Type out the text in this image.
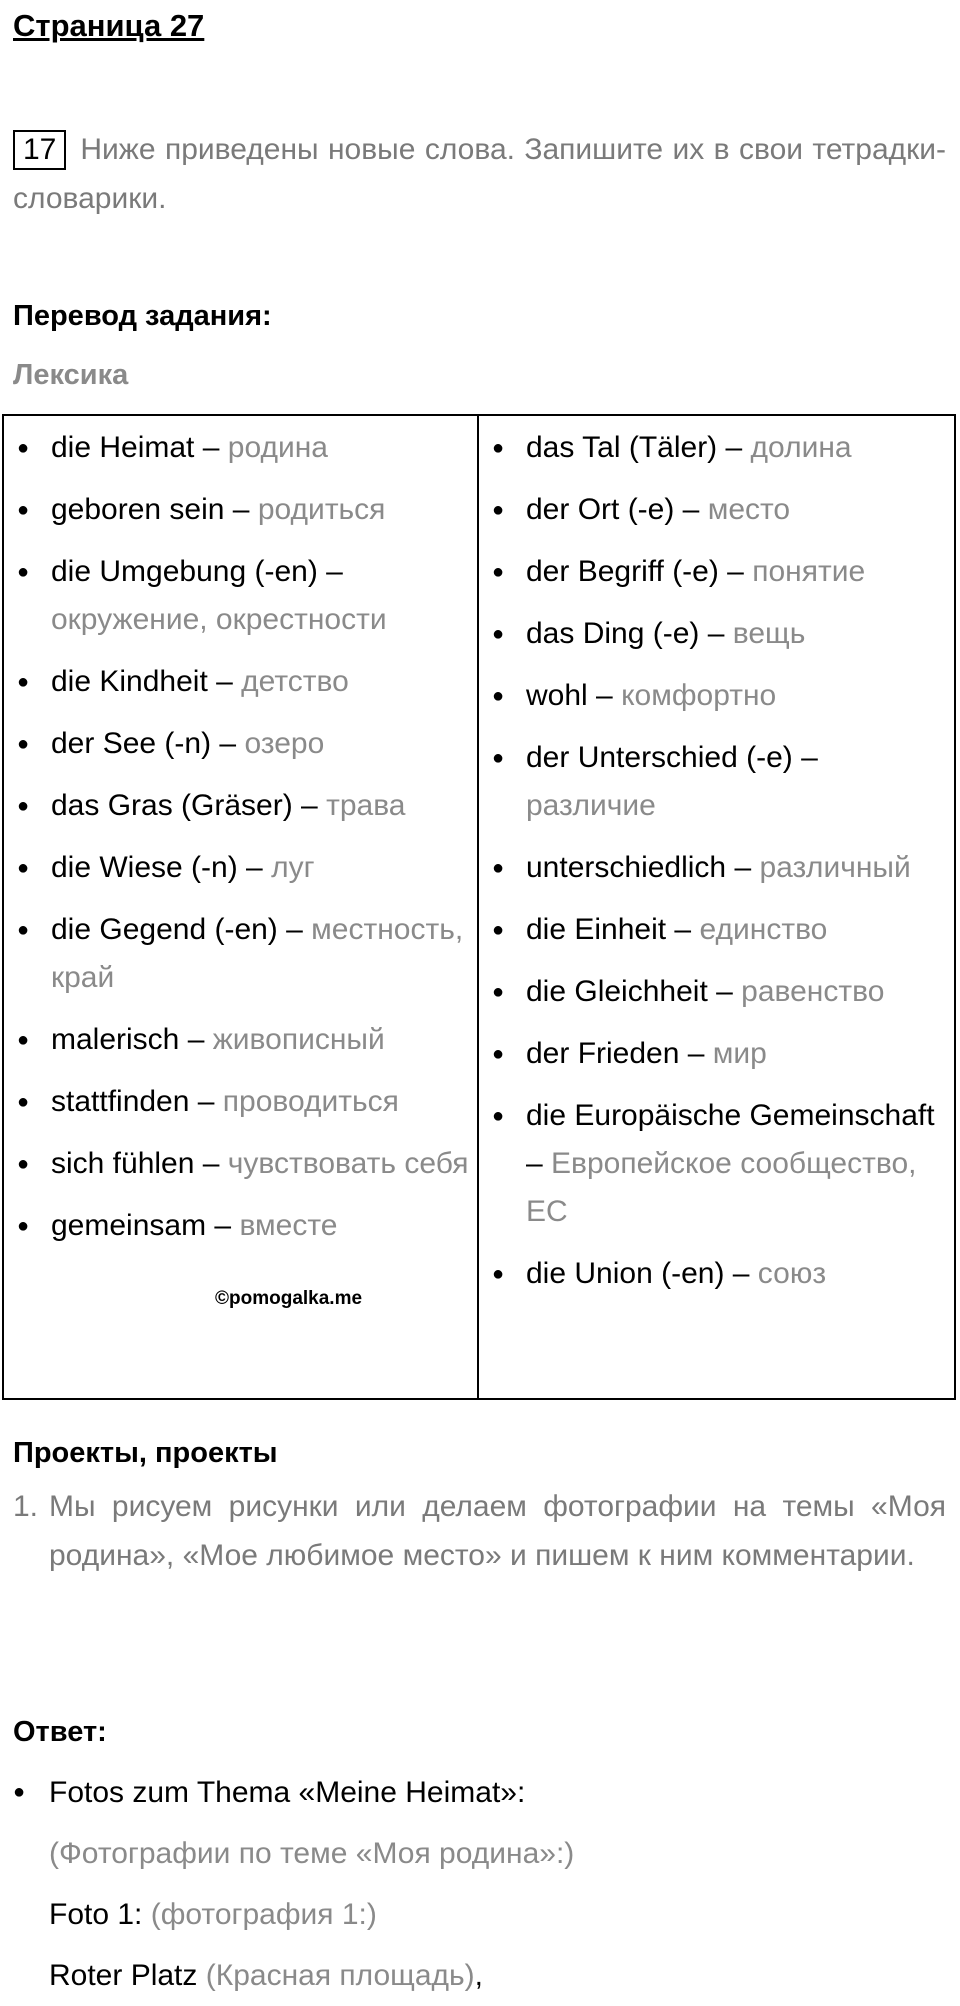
Страница 27
17 Ниже приведены новые слова. Запишите их в свои тетрадки-словарики.
Перевод задания:
Лексика
● die Heimat – родина
● geboren sein – родиться
● die Umgebung (-en) – окружение, окрестности
● die Kindheit – детство
● der See (-n) – озеро
● das Gras (Gräser) – трава
● die Wiese (-n) – луг
● die Gegend (-en) – местность, край
● malerisch – живописный
● stattfinden – проводиться
● sich fühlen – чувствовать себя
● gemeinsam – вместе
● das Tal (Täler) – долина
● der Ort (-e) – место
● der Begriff (-e) – понятие
● das Ding (-e) – вещь
● wohl – комфортно
● der Unterschied (-e) – различие
● unterschiedlich – различный
● die Einheit – единство
● die Gleichheit – равенство
● der Frieden – мир
● die Europäische Gemeinschaft – Европейское сообщество, ЕС
● die Union (-en) – союз
©pomogalka.me
Проекты, проекты
1. Мы рисуем рисунки или делаем фотографии на темы «Моя родина», «Мое любимое место» и пишем к ним комментарии.
Ответ:
● Fotos zum Thema «Meine Heimat»:
(Фотографии по теме «Моя родина»:)
Foto 1: (фотография 1:)
Roter Platz (Красная площадь),
